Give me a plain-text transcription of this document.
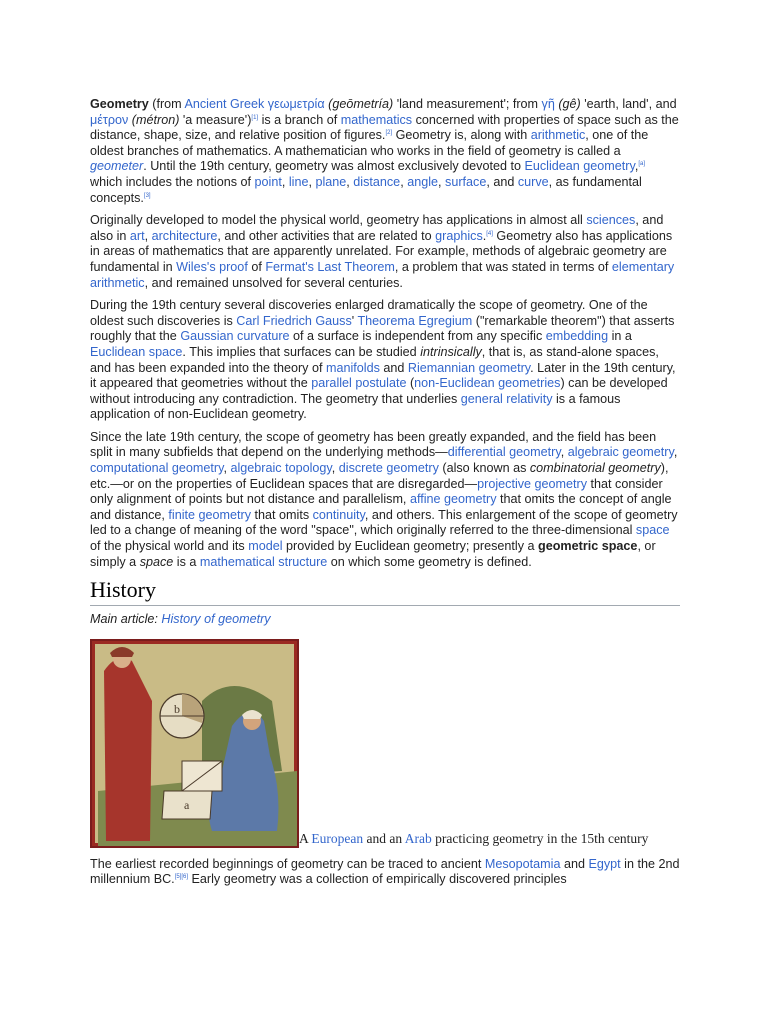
Geometry (from Ancient Greek γεωμετρία (geōmetría) 'land measurement'; from γῆ (gê) 'earth, land', and μέτρον (métron) 'a measure')[1] is a branch of mathematics concerned with properties of space such as the distance, shape, size, and relative position of figures.[2] Geometry is, along with arithmetic, one of the oldest branches of mathematics. A mathematician who works in the field of geometry is called a geometer. Until the 19th century, geometry was almost exclusively devoted to Euclidean geometry,[a] which includes the notions of point, line, plane, distance, angle, surface, and curve, as fundamental concepts.[3]

Originally developed to model the physical world, geometry has applications in almost all sciences, and also in art, architecture, and other activities that are related to graphics.[4] Geometry also has applications in areas of mathematics that are apparently unrelated. For example, methods of algebraic geometry are fundamental in Wiles's proof of Fermat's Last Theorem, a problem that was stated in terms of elementary arithmetic, and remained unsolved for several centuries.

During the 19th century several discoveries enlarged dramatically the scope of geometry. One of the oldest such discoveries is Carl Friedrich Gauss' Theorema Egregium ("remarkable theorem") that asserts roughly that the Gaussian curvature of a surface is independent from any specific embedding in a Euclidean space. This implies that surfaces can be studied intrinsically, that is, as stand-alone spaces, and has been expanded into the theory of manifolds and Riemannian geometry. Later in the 19th century, it appeared that geometries without the parallel postulate (non-Euclidean geometries) can be developed without introducing any contradiction. The geometry that underlies general relativity is a famous application of non-Euclidean geometry.

Since the late 19th century, the scope of geometry has been greatly expanded, and the field has been split in many subfields that depend on the underlying methods—differential geometry, algebraic geometry, computational geometry, algebraic topology, discrete geometry (also known as combinatorial geometry), etc.—or on the properties of Euclidean spaces that are disregarded—projective geometry that consider only alignment of points but not distance and parallelism, affine geometry that omits the concept of angle and distance, finite geometry that omits continuity, and others. This enlargement of the scope of geometry led to a change of meaning of the word "space", which originally referred to the three-dimensional space of the physical world and its model provided by Euclidean geometry; presently a geometric space, or simply a space is a mathematical structure on which some geometry is defined.

History
Main article: History of geometry
a
b
A European and an Arab practicing geometry in the 15th century

The earliest recorded beginnings of geometry can be traced to ancient Mesopotamia and Egypt in the 2nd millennium BC.[5][6] Early geometry was a collection of empirically discovered principles
